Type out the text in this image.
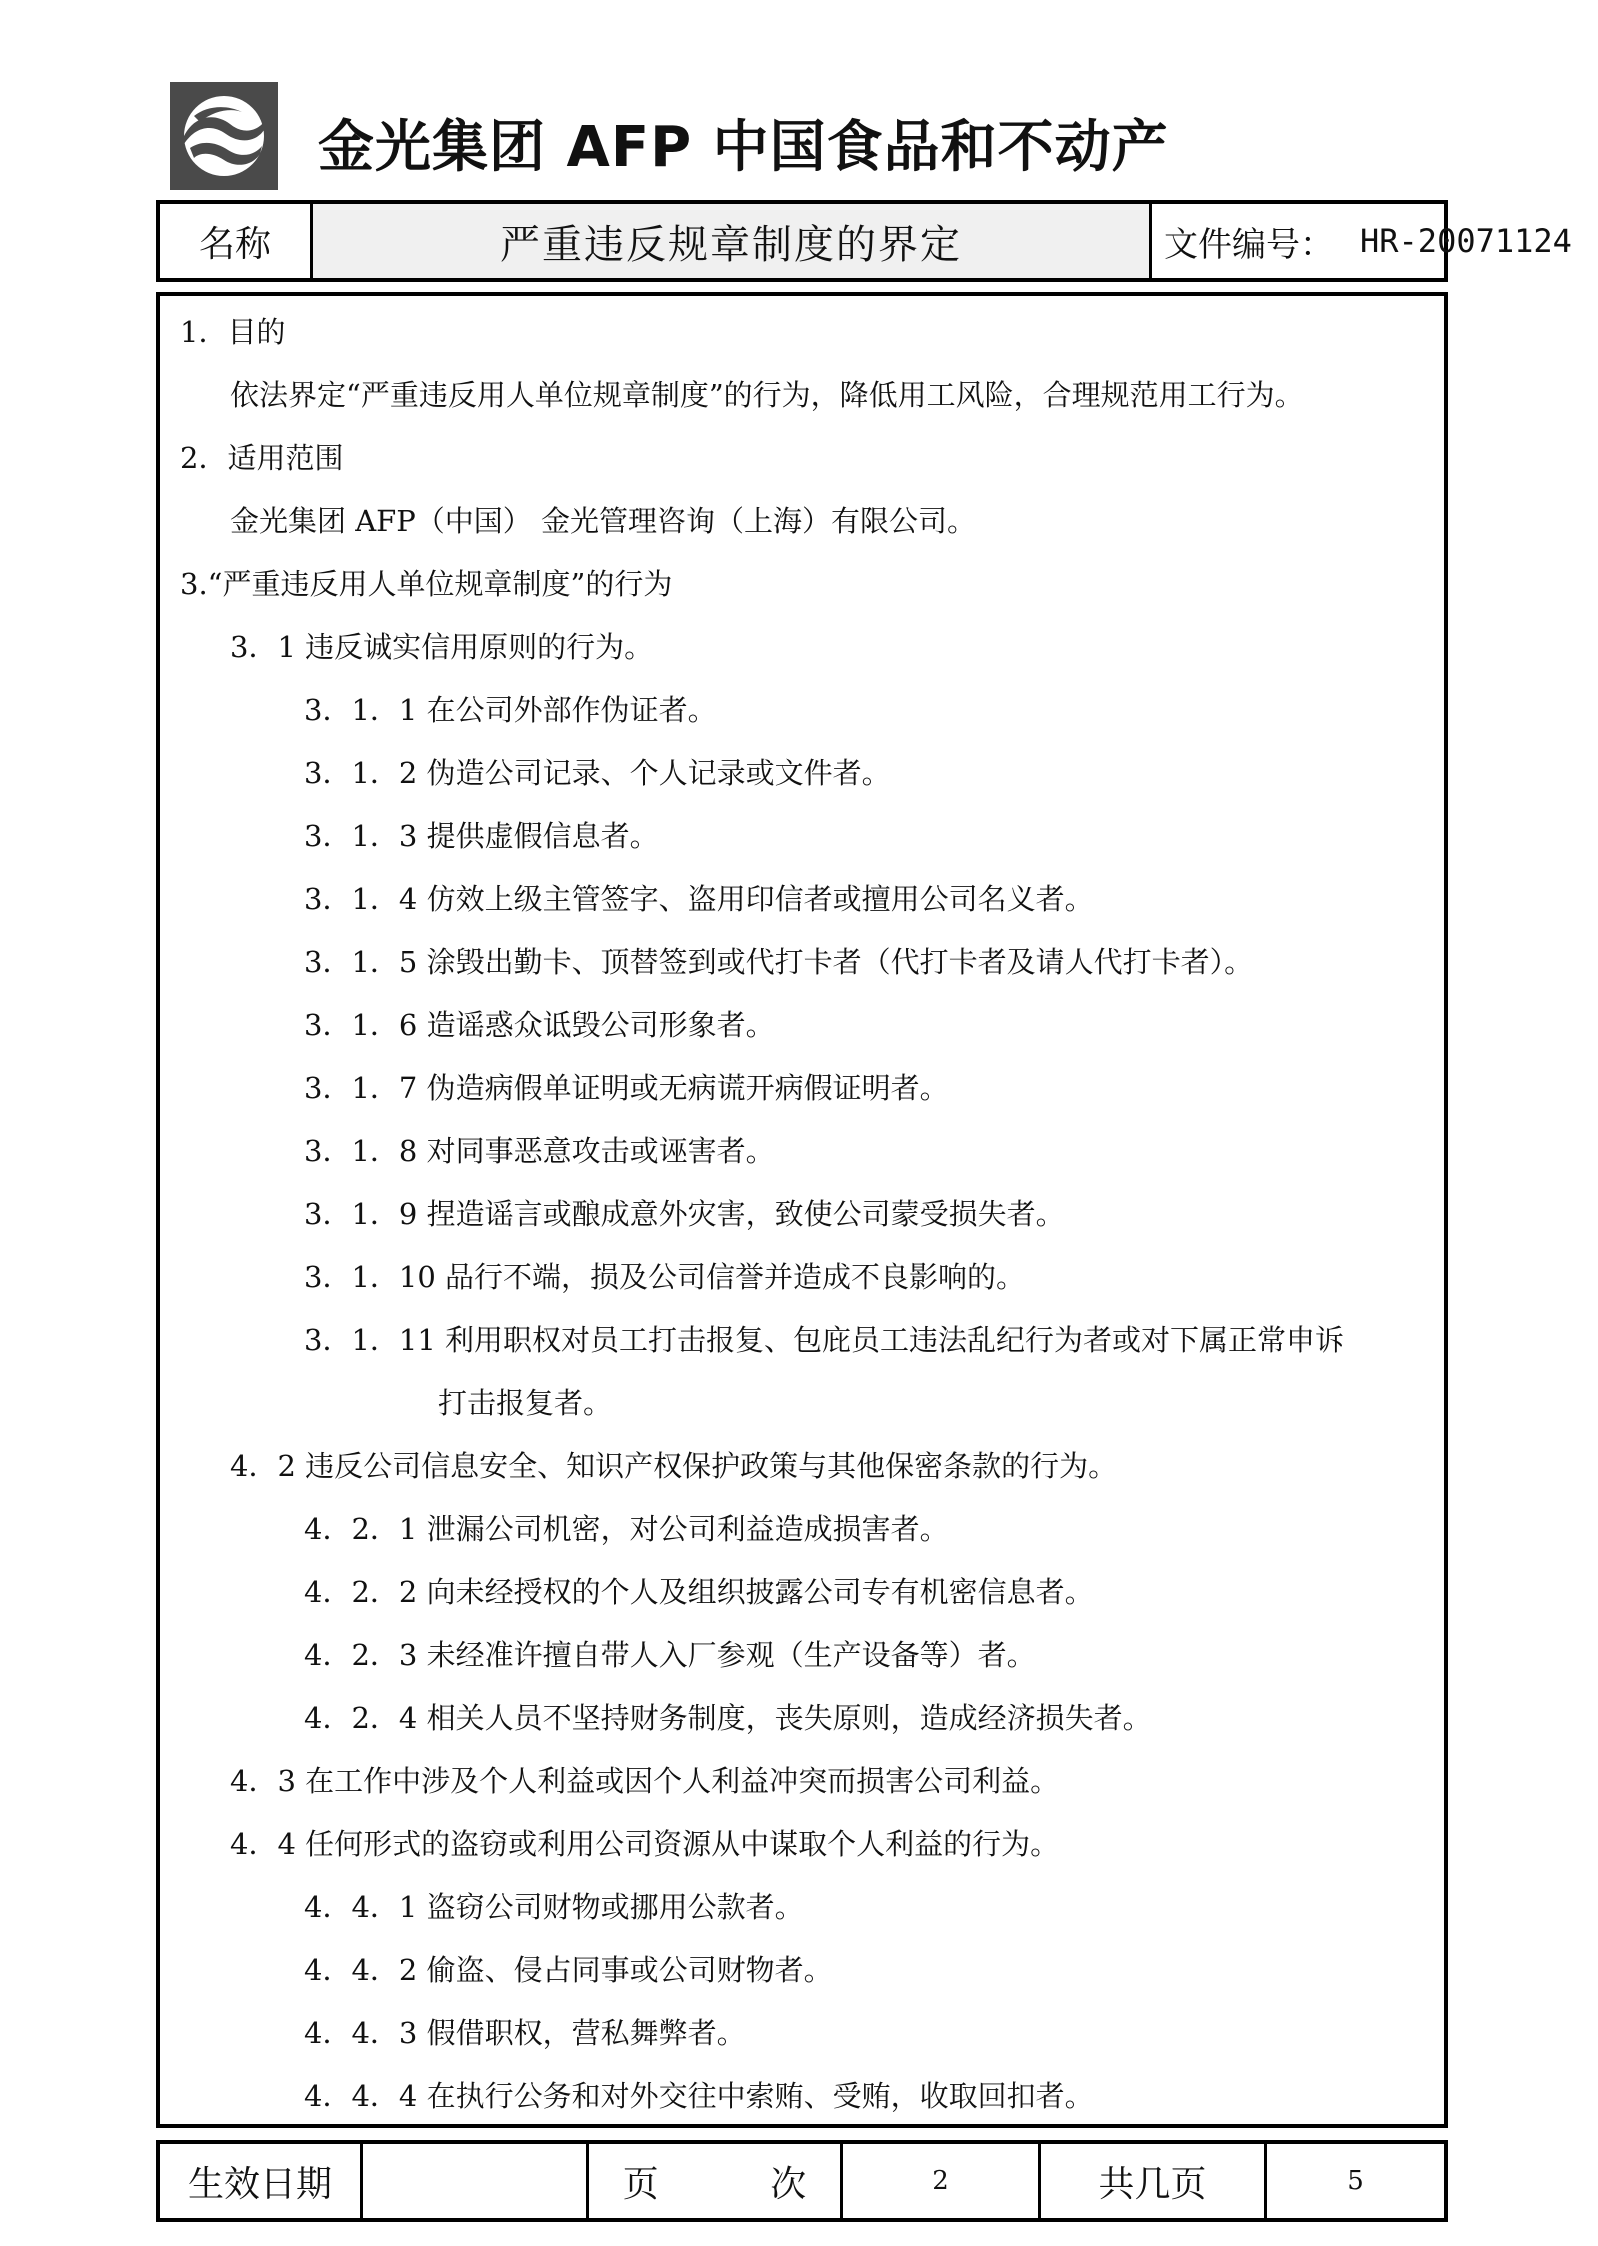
金光集团 AFP 中国食品和不动产
名称	严重违反规章制度的界定	文件编号： HR-20071124
1．目的
依法界定“严重违反用人单位规章制度”的行为，降低用工风险，合理规范用工行为。
2．适用范围
金光集团 AFP（中国） 金光管理咨询（上海）有限公司。
3.“严重违反用人单位规章制度”的行为
3．1 违反诚实信用原则的行为。
3．1．1 在公司外部作伪证者。
3．1．2 伪造公司记录、个人记录或文件者。
3．1．3 提供虚假信息者。
3．1．4 仿效上级主管签字、盗用印信者或擅用公司名义者。
3．1．5 涂毁出勤卡、顶替签到或代打卡者（代打卡者及请人代打卡者）。
3．1．6 造谣惑众诋毁公司形象者。
3．1．7 伪造病假单证明或无病谎开病假证明者。
3．1．8 对同事恶意攻击或诬害者。
3．1．9 捏造谣言或酿成意外灾害，致使公司蒙受损失者。
3．1．10 品行不端，损及公司信誉并造成不良影响的。
3．1．11 利用职权对员工打击报复、包庇员工违法乱纪行为者或对下属正常申诉
打击报复者。
4．2 违反公司信息安全、知识产权保护政策与其他保密条款的行为。
4．2．1 泄漏公司机密，对公司利益造成损害者。
4．2．2 向未经授权的个人及组织披露公司专有机密信息者。
4．2．3 未经准许擅自带人入厂参观（生产设备等）者。
4．2．4 相关人员不坚持财务制度，丧失原则，造成经济损失者。
4．3 在工作中涉及个人利益或因个人利益冲突而损害公司利益。
4．4 任何形式的盗窃或利用公司资源从中谋取个人利益的行为。
4．4．1 盗窃公司财物或挪用公款者。
4．4．2 偷盗、侵占同事或公司财物者。
4．4．3 假借职权，营私舞弊者。
4．4．4 在执行公务和对外交往中索贿、受贿，收取回扣者。
生效日期	页 次	2	共几页	5
